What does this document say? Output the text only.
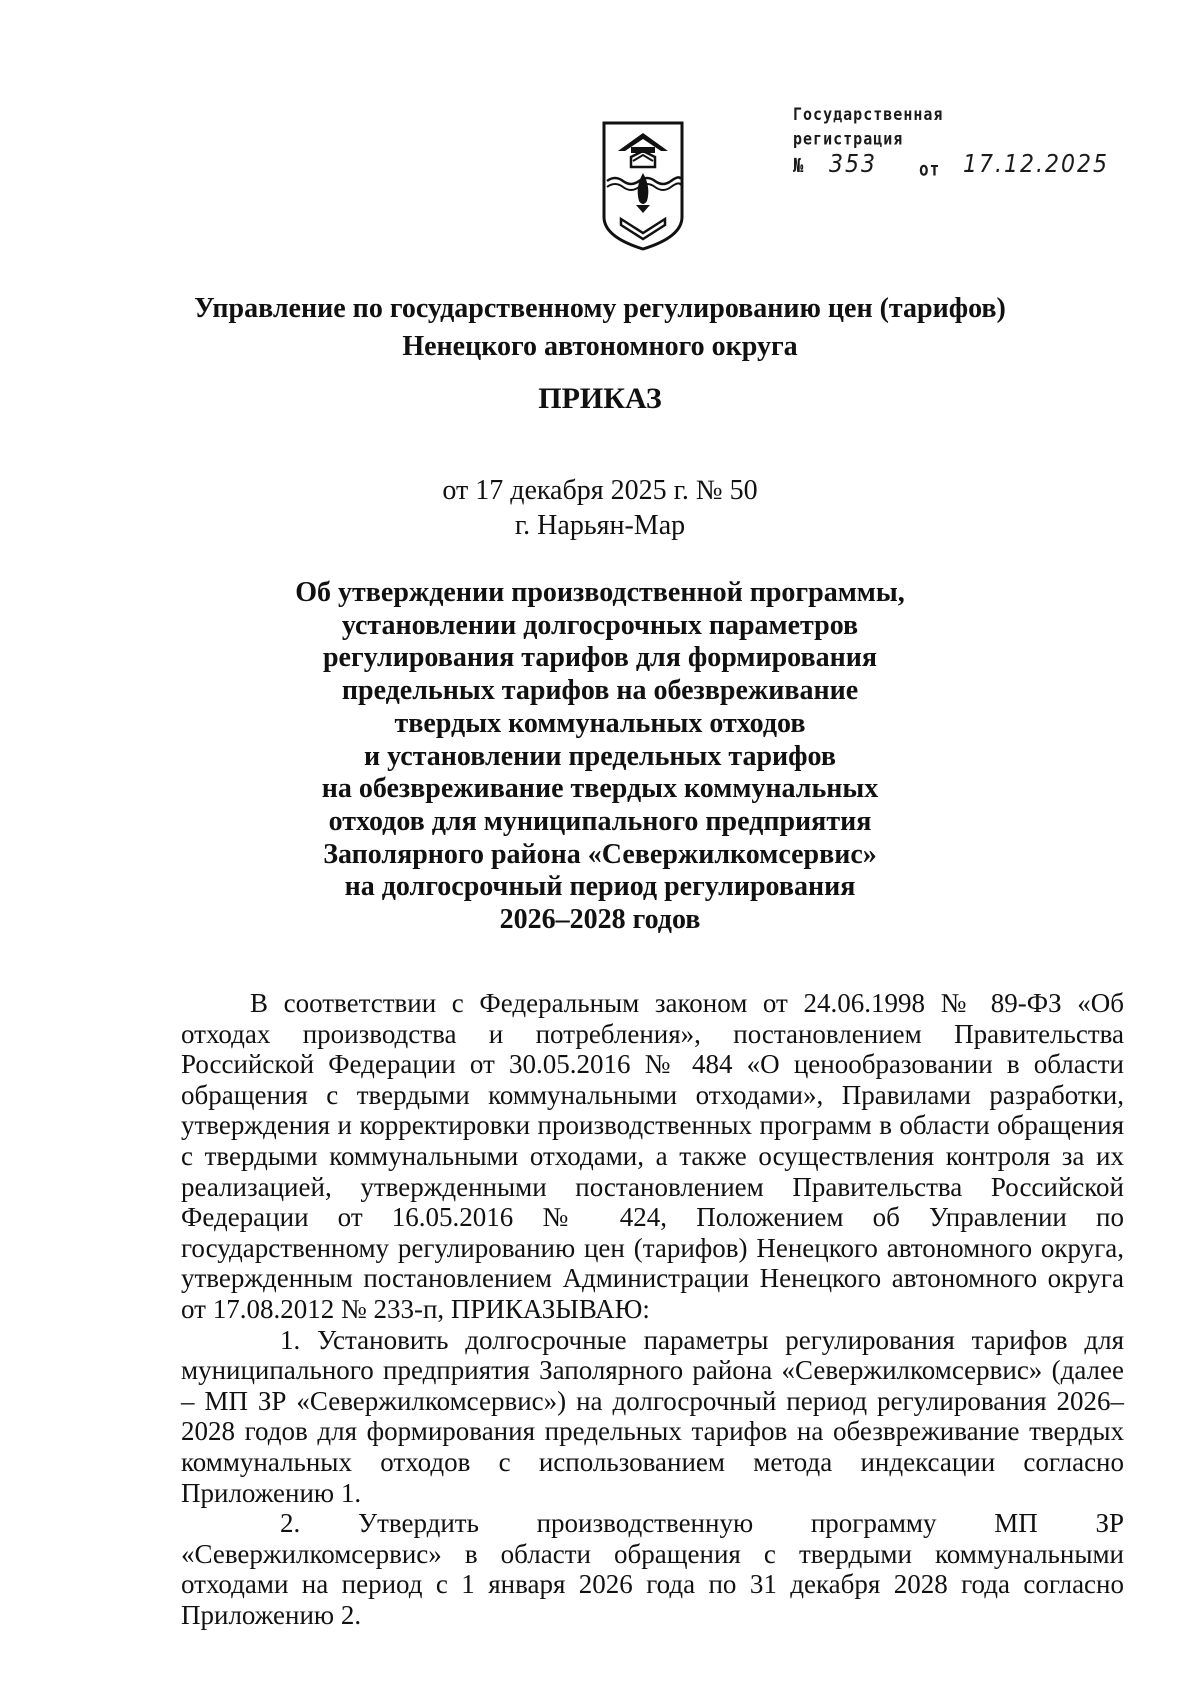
Государственная
регистрация
№ 353	от 17.12.2025
Управление по государственному регулированию цен (тарифов)
Ненецкого автономного округа
ПРИКАЗ
от 17 декабря 2025 г. № 50
г. Нарьян-Мар
Об утверждении производственной программы,
установлении долгосрочных параметров
регулирования тарифов для формирования
предельных тарифов на обезвреживание
твердых коммунальных отходов
и установлении предельных тарифов
на обезвреживание твердых коммунальных
отходов для муниципального предприятия
Заполярного района «Севержилкомсервис»
на долгосрочный период регулирования
2026–2028 годов

В соответствии с Федеральным законом от 24.06.1998 № 89-ФЗ «Об отходах производства и потребления», постановлением Правительства Российской Федерации от 30.05.2016 № 484 «О ценообразовании в области обращения с твердыми коммунальными отходами», Правилами разработки, утверждения и корректировки производственных программ в области обращения с твердыми коммунальными отходами, а также осуществления контроля за их реализацией, утвержденными постановлением Правительства Российской Федерации от 16.05.2016 № 424, Положением об Управлении по государственному регулированию цен (тарифов) Ненецкого автономного округа, утвержденным постановлением Администрации Ненецкого автономного округа от 17.08.2012 № 233-п, ПРИКАЗЫВАЮ:

1. Установить долгосрочные параметры регулирования тарифов для муниципального предприятия Заполярного района «Севержилкомсервис» (далее – МП ЗР «Севержилкомсервис») на долгосрочный период регулирования 2026–2028 годов для формирования предельных тарифов на обезвреживание твердых коммунальных отходов с использованием метода индексации согласно Приложению 1.

2. Утвердить производственную программу МП ЗР «Севержилкомсервис» в области обращения с твердыми коммунальными отходами на период с 1 января 2026 года по 31 декабря 2028 года согласно Приложению 2.
